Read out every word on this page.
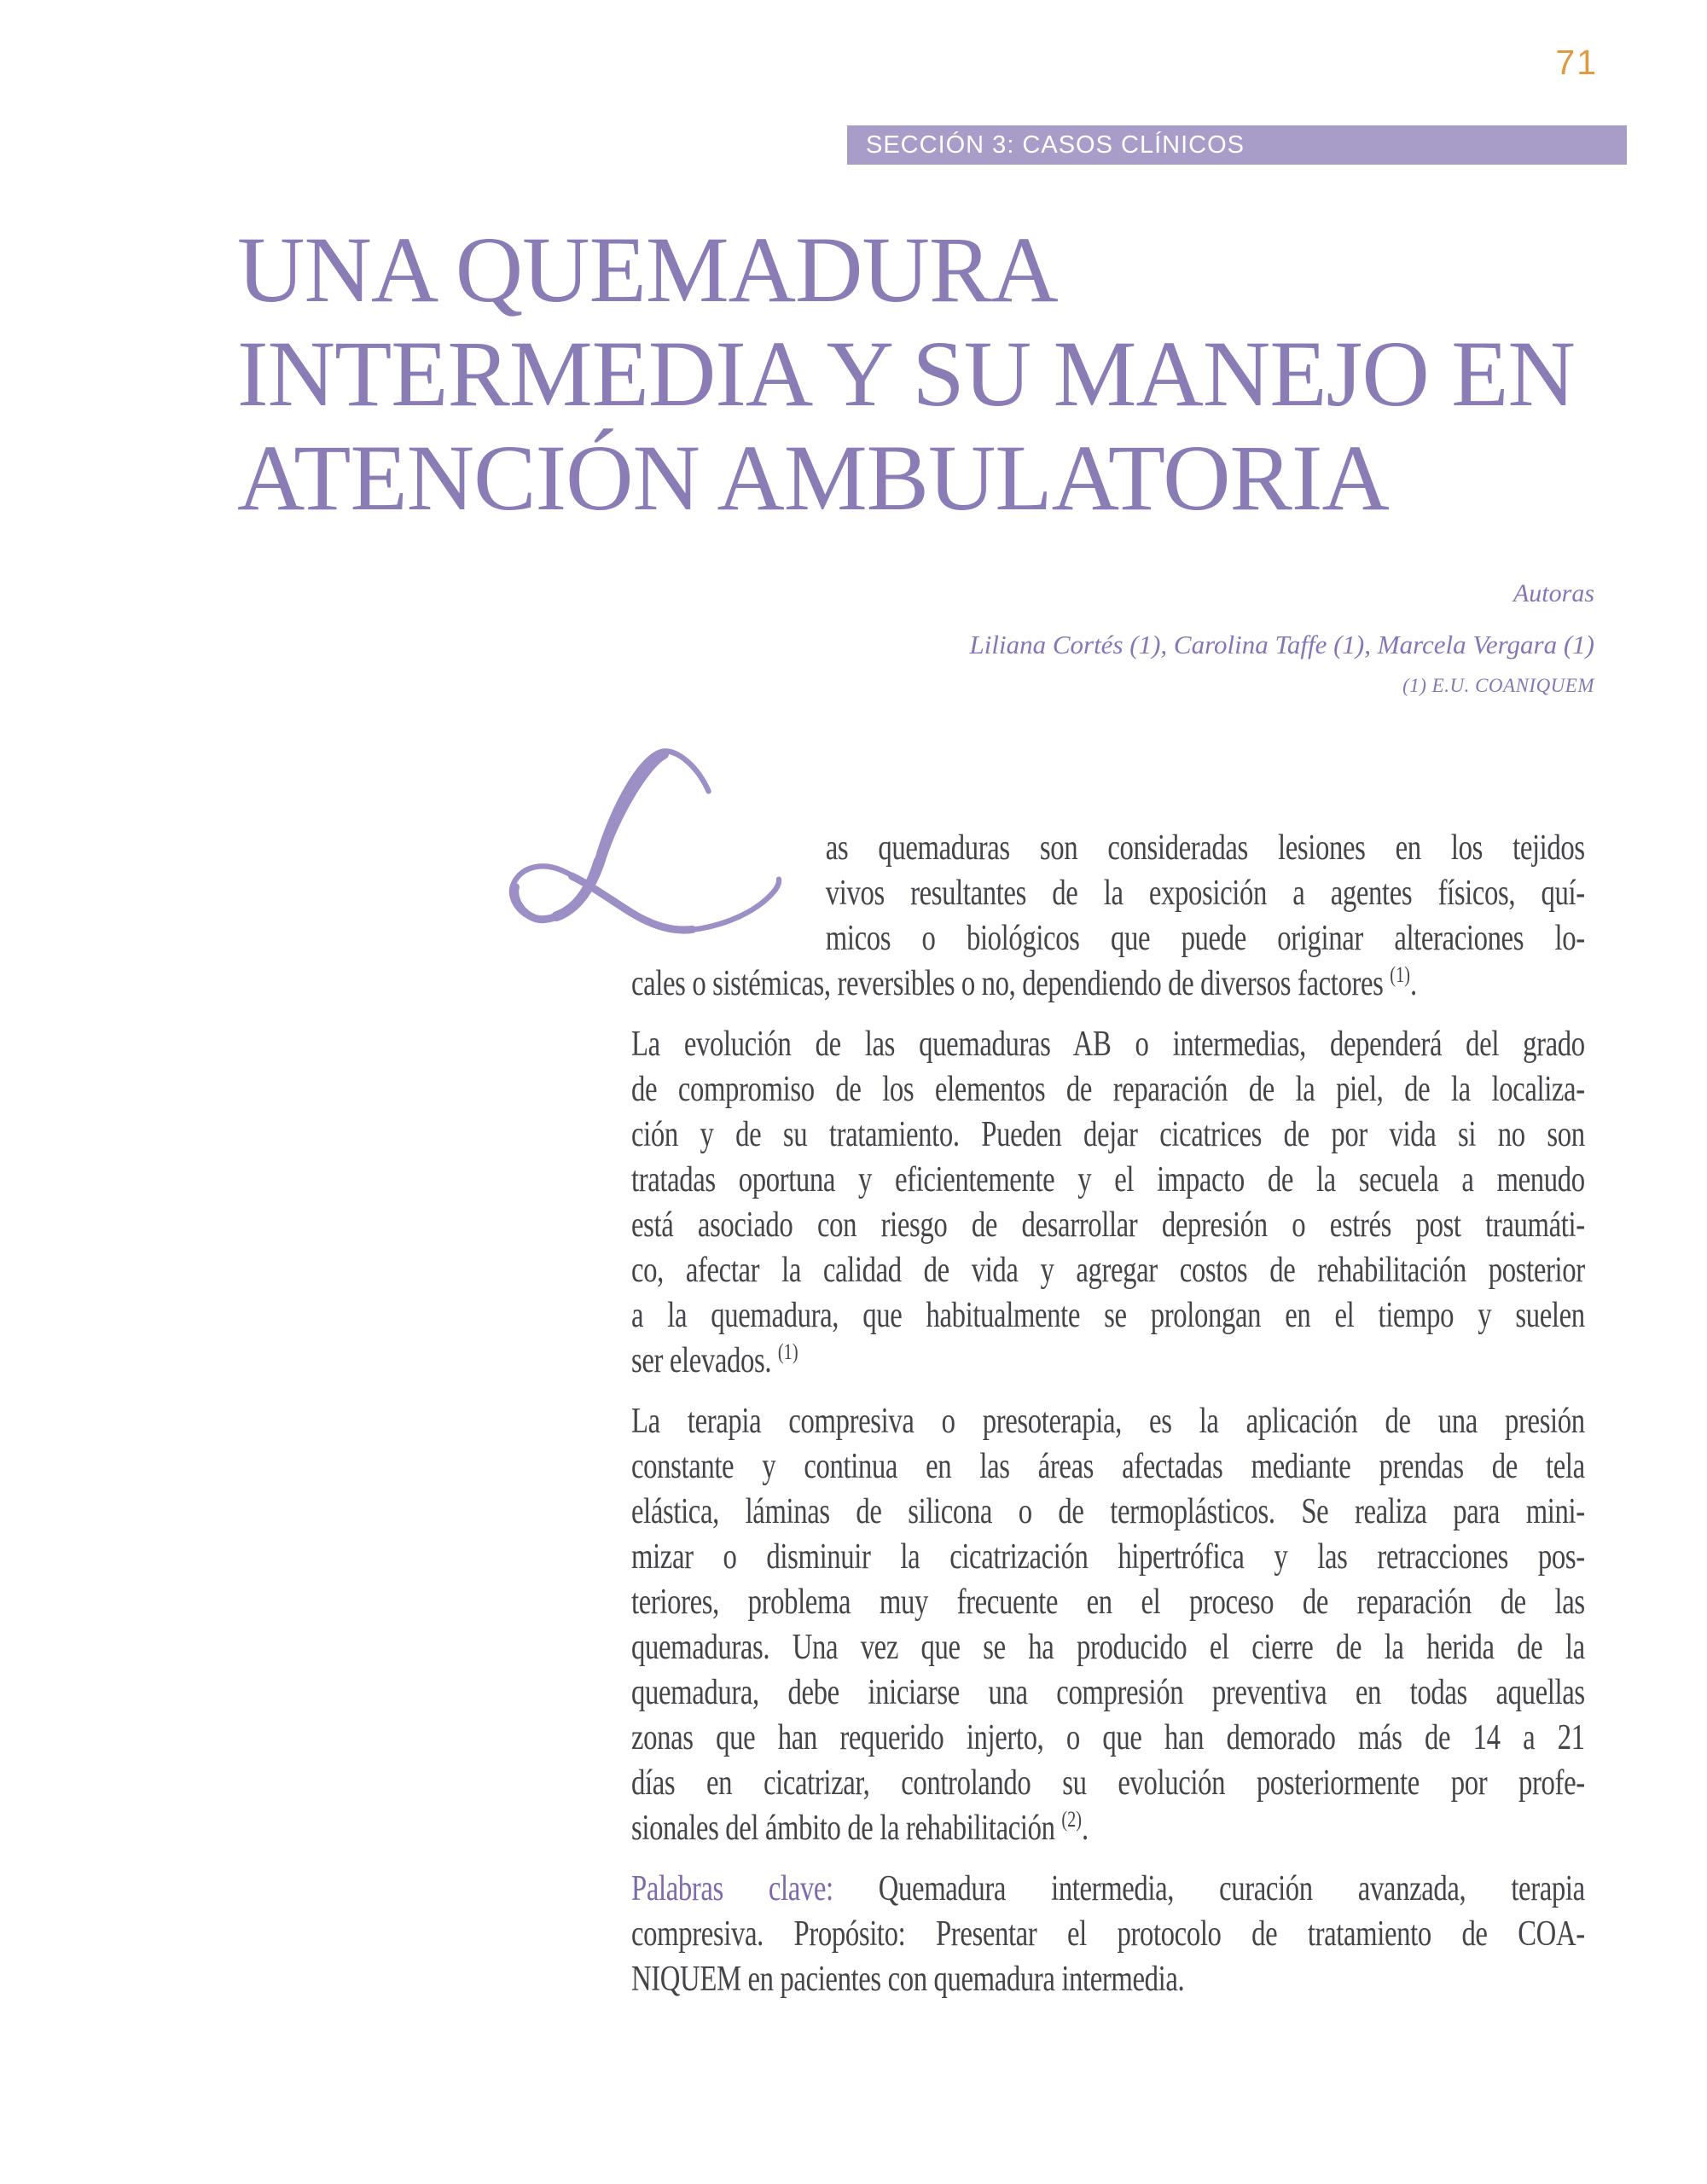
71
SECCIÓN 3: CASOS CLÍNICOS
UNA QUEMADURA
INTERMEDIA Y SU MANEJO EN
ATENCIÓN AMBULATORIA
Autoras
Liliana Cortés (1), Carolina Taffe (1), Marcela Vergara (1)
(1) E.U. COANIQUEM
as quemaduras son consideradas lesiones en los tejidos
vivos resultantes de la exposición a agentes físicos, quí-
micos o biológicos que puede originar alteraciones lo-
cales o sistémicas, reversibles o no, dependiendo de diversos factores $^{(1)}$.
La evolución de las quemaduras AB o intermedias, dependerá del grado
de compromiso de los elementos de reparación de la piel, de la localiza-
ción y de su tratamiento. Pueden dejar cicatrices de por vida si no son
tratadas oportuna y eficientemente y el impacto de la secuela a menudo
está asociado con riesgo de desarrollar depresión o estrés post traumáti-
co, afectar la calidad de vida y agregar costos de rehabilitación posterior
a la quemadura, que habitualmente se prolongan en el tiempo y suelen
ser elevados. $^{(1)}$
La terapia compresiva o presoterapia, es la aplicación de una presión
constante y continua en las áreas afectadas mediante prendas de tela
elástica, láminas de silicona o de termoplásticos. Se realiza para mini-
mizar o disminuir la cicatrización hipertrófica y las retracciones pos-
teriores, problema muy frecuente en el proceso de reparación de las
quemaduras. Una vez que se ha producido el cierre de la herida de la
quemadura, debe iniciarse una compresión preventiva en todas aquellas
zonas que han requerido injerto, o que han demorado más de 14 a 21
días en cicatrizar, controlando su evolución posteriormente por profe-
sionales del ámbito de la rehabilitación $^{(2)}$.
Palabras clave: Quemadura intermedia, curación avanzada, terapia
compresiva. Propósito: Presentar el protocolo de tratamiento de COA-
NIQUEM en pacientes con quemadura intermedia.
